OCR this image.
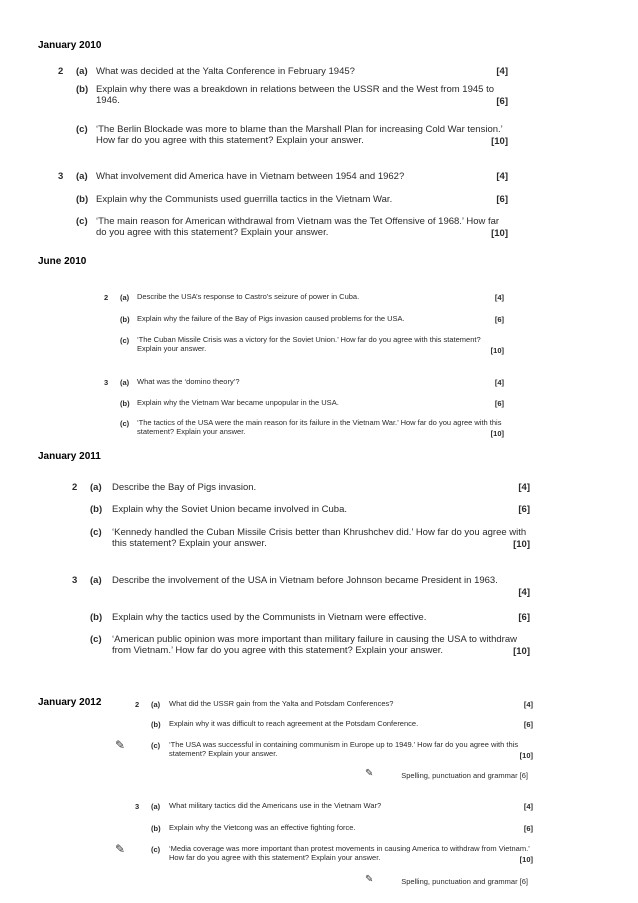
January 2010
2 (a) What was decided at the Yalta Conference in February 1945?	[4]
(b) Explain why there was a breakdown in relations between the USSR and the West from 1945 to 1946.	[6]
(c) ‘The Berlin Blockade was more to blame than the Marshall Plan for increasing Cold War tension.’ How far do you agree with this statement? Explain your answer.	[10]
3 (a) What involvement did America have in Vietnam between 1954 and 1962?	[4]
(b) Explain why the Communists used guerrilla tactics in the Vietnam War.	[6]
(c) ‘The main reason for American withdrawal from Vietnam was the Tet Offensive of 1968.’ How far do you agree with this statement? Explain your answer.	[10]
June 2010
2 (a) Describe the USA’s response to Castro’s seizure of power in Cuba.	[4]
(b) Explain why the failure of the Bay of Pigs invasion caused problems for the USA.	[6]
(c) ‘The Cuban Missile Crisis was a victory for the Soviet Union.’ How far do you agree with this statement? Explain your answer.	[10]
3 (a) What was the ‘domino theory’?	[4]
(b) Explain why the Vietnam War became unpopular in the USA.	[6]
(c) ‘The tactics of the USA were the main reason for its failure in the Vietnam War.’ How far do you agree with this statement? Explain your answer.	[10]
January 2011
2 (a) Describe the Bay of Pigs invasion.	[4]
(b) Explain why the Soviet Union became involved in Cuba.	[6]
(c) ‘Kennedy handled the Cuban Missile Crisis better than Khrushchev did.’ How far do you agree with this statement? Explain your answer.	[10]
3 (a) Describe the involvement of the USA in Vietnam before Johnson became President in 1963.
[4]
(b) Explain why the tactics used by the Communists in Vietnam were effective.	[6]
(c) ‘American public opinion was more important than military failure in causing the USA to withdraw from Vietnam.’ How far do you agree with this statement? Explain your answer.	[10]
January 2012	2 (a) What did the USSR gain from the Yalta and Potsdam Conferences?	[4]
(b) Explain why it was difficult to reach agreement at the Potsdam Conference.	[6]
(c) ‘The USA was successful in containing communism in Europe up to 1949.’ How far do you agree with this statement? Explain your answer.	[10]
✎
✎	Spelling, punctuation and grammar [6]
3 (a) What military tactics did the Americans use in the Vietnam War?	[4]
(b) Explain why the Vietcong was an effective fighting force.	[6]
(c) ‘Media coverage was more important than protest movements in causing America to withdraw from Vietnam.’ How far do you agree with this statement? Explain your answer.	[10]
✎
✎	Spelling, punctuation and grammar [6]
